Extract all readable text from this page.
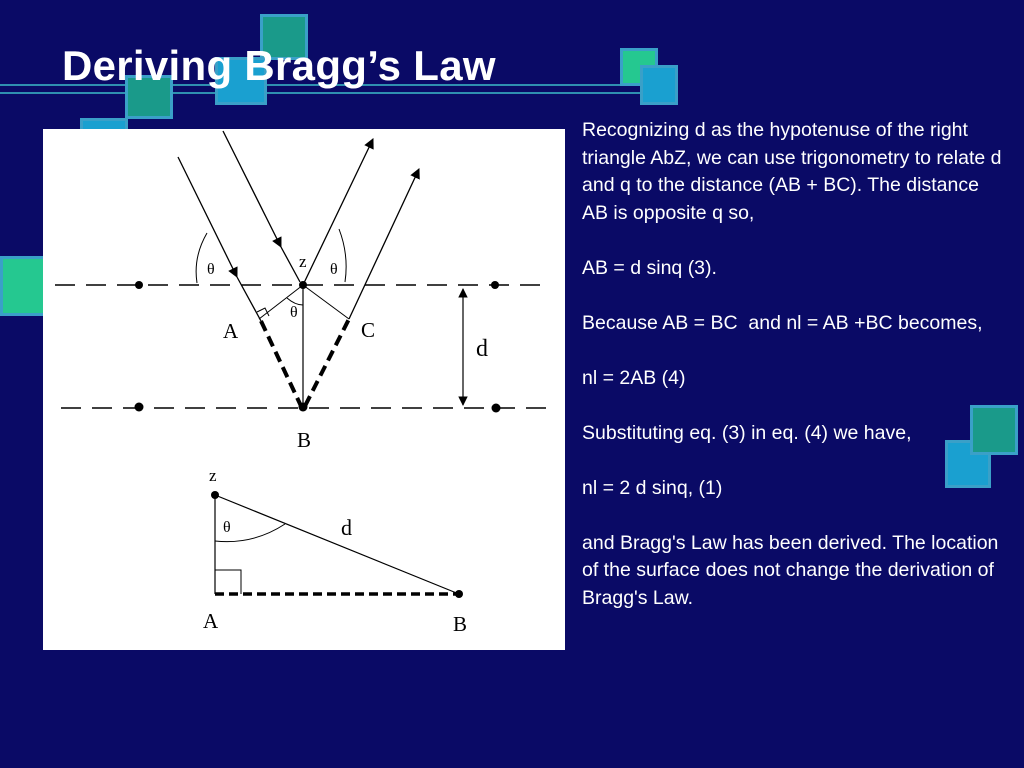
Deriving Bragg’s Law
θ	θ
θ
z
A	C
B
d
z
θ	d
A	B

Recognizing d as the hypotenuse of the right triangle AbZ, we can use trigonometry to relate d and q to the distance (AB + BC). The distance AB is opposite q so,

AB = d sinq (3).

Because AB = BC  and nl = AB +BC becomes,

nl = 2AB (4)

Substituting eq. (3) in eq. (4) we have,

nl = 2 d sinq, (1)

and Bragg's Law has been derived. The location of the surface does not change the derivation of Bragg's Law.
